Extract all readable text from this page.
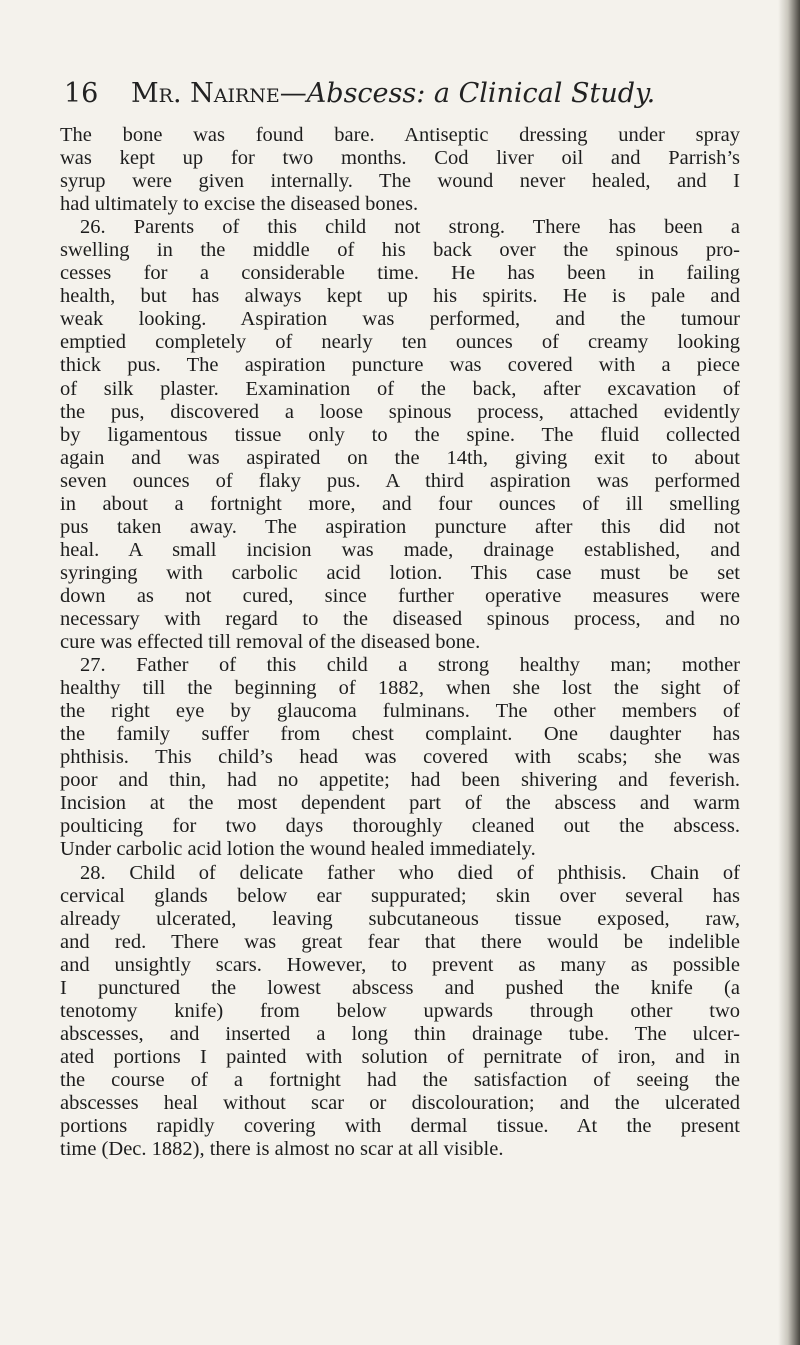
16 Mr. Nairne—Abscess: a Clinical Study.
The bone was found bare. Antiseptic dressing under spray
was kept up for two months. Cod liver oil and Parrish’s
syrup were given internally. The wound never healed, and I
had ultimately to excise the diseased bones.
26. Parents of this child not strong. There has been a
swelling in the middle of his back over the spinous pro-
cesses for a considerable time. He has been in failing
health, but has always kept up his spirits. He is pale and
weak looking. Aspiration was performed, and the tumour
emptied completely of nearly ten ounces of creamy looking
thick pus. The aspiration puncture was covered with a piece
of silk plaster. Examination of the back, after excavation of
the pus, discovered a loose spinous process, attached evidently
by ligamentous tissue only to the spine. The fluid collected
again and was aspirated on the 14th, giving exit to about
seven ounces of flaky pus. A third aspiration was performed
in about a fortnight more, and four ounces of ill smelling
pus taken away. The aspiration puncture after this did not
heal. A small incision was made, drainage established, and
syringing with carbolic acid lotion. This case must be set
down as not cured, since further operative measures were
necessary with regard to the diseased spinous process, and no
cure was effected till removal of the diseased bone.
27. Father of this child a strong healthy man; mother
healthy till the beginning of 1882, when she lost the sight of
the right eye by glaucoma fulminans. The other members of
the family suffer from chest complaint. One daughter has
phthisis. This child’s head was covered with scabs; she was
poor and thin, had no appetite; had been shivering and feverish.
Incision at the most dependent part of the abscess and warm
poulticing for two days thoroughly cleaned out the abscess.
Under carbolic acid lotion the wound healed immediately.
28. Child of delicate father who died of phthisis. Chain of
cervical glands below ear suppurated; skin over several has
already ulcerated, leaving subcutaneous tissue exposed, raw,
and red. There was great fear that there would be indelible
and unsightly scars. However, to prevent as many as possible
I punctured the lowest abscess and pushed the knife (a
tenotomy knife) from below upwards through other two
abscesses, and inserted a long thin drainage tube. The ulcer-
ated portions I painted with solution of pernitrate of iron, and in
the course of a fortnight had the satisfaction of seeing the
abscesses heal without scar or discolouration; and the ulcerated
portions rapidly covering with dermal tissue. At the present
time (Dec. 1882), there is almost no scar at all visible.
